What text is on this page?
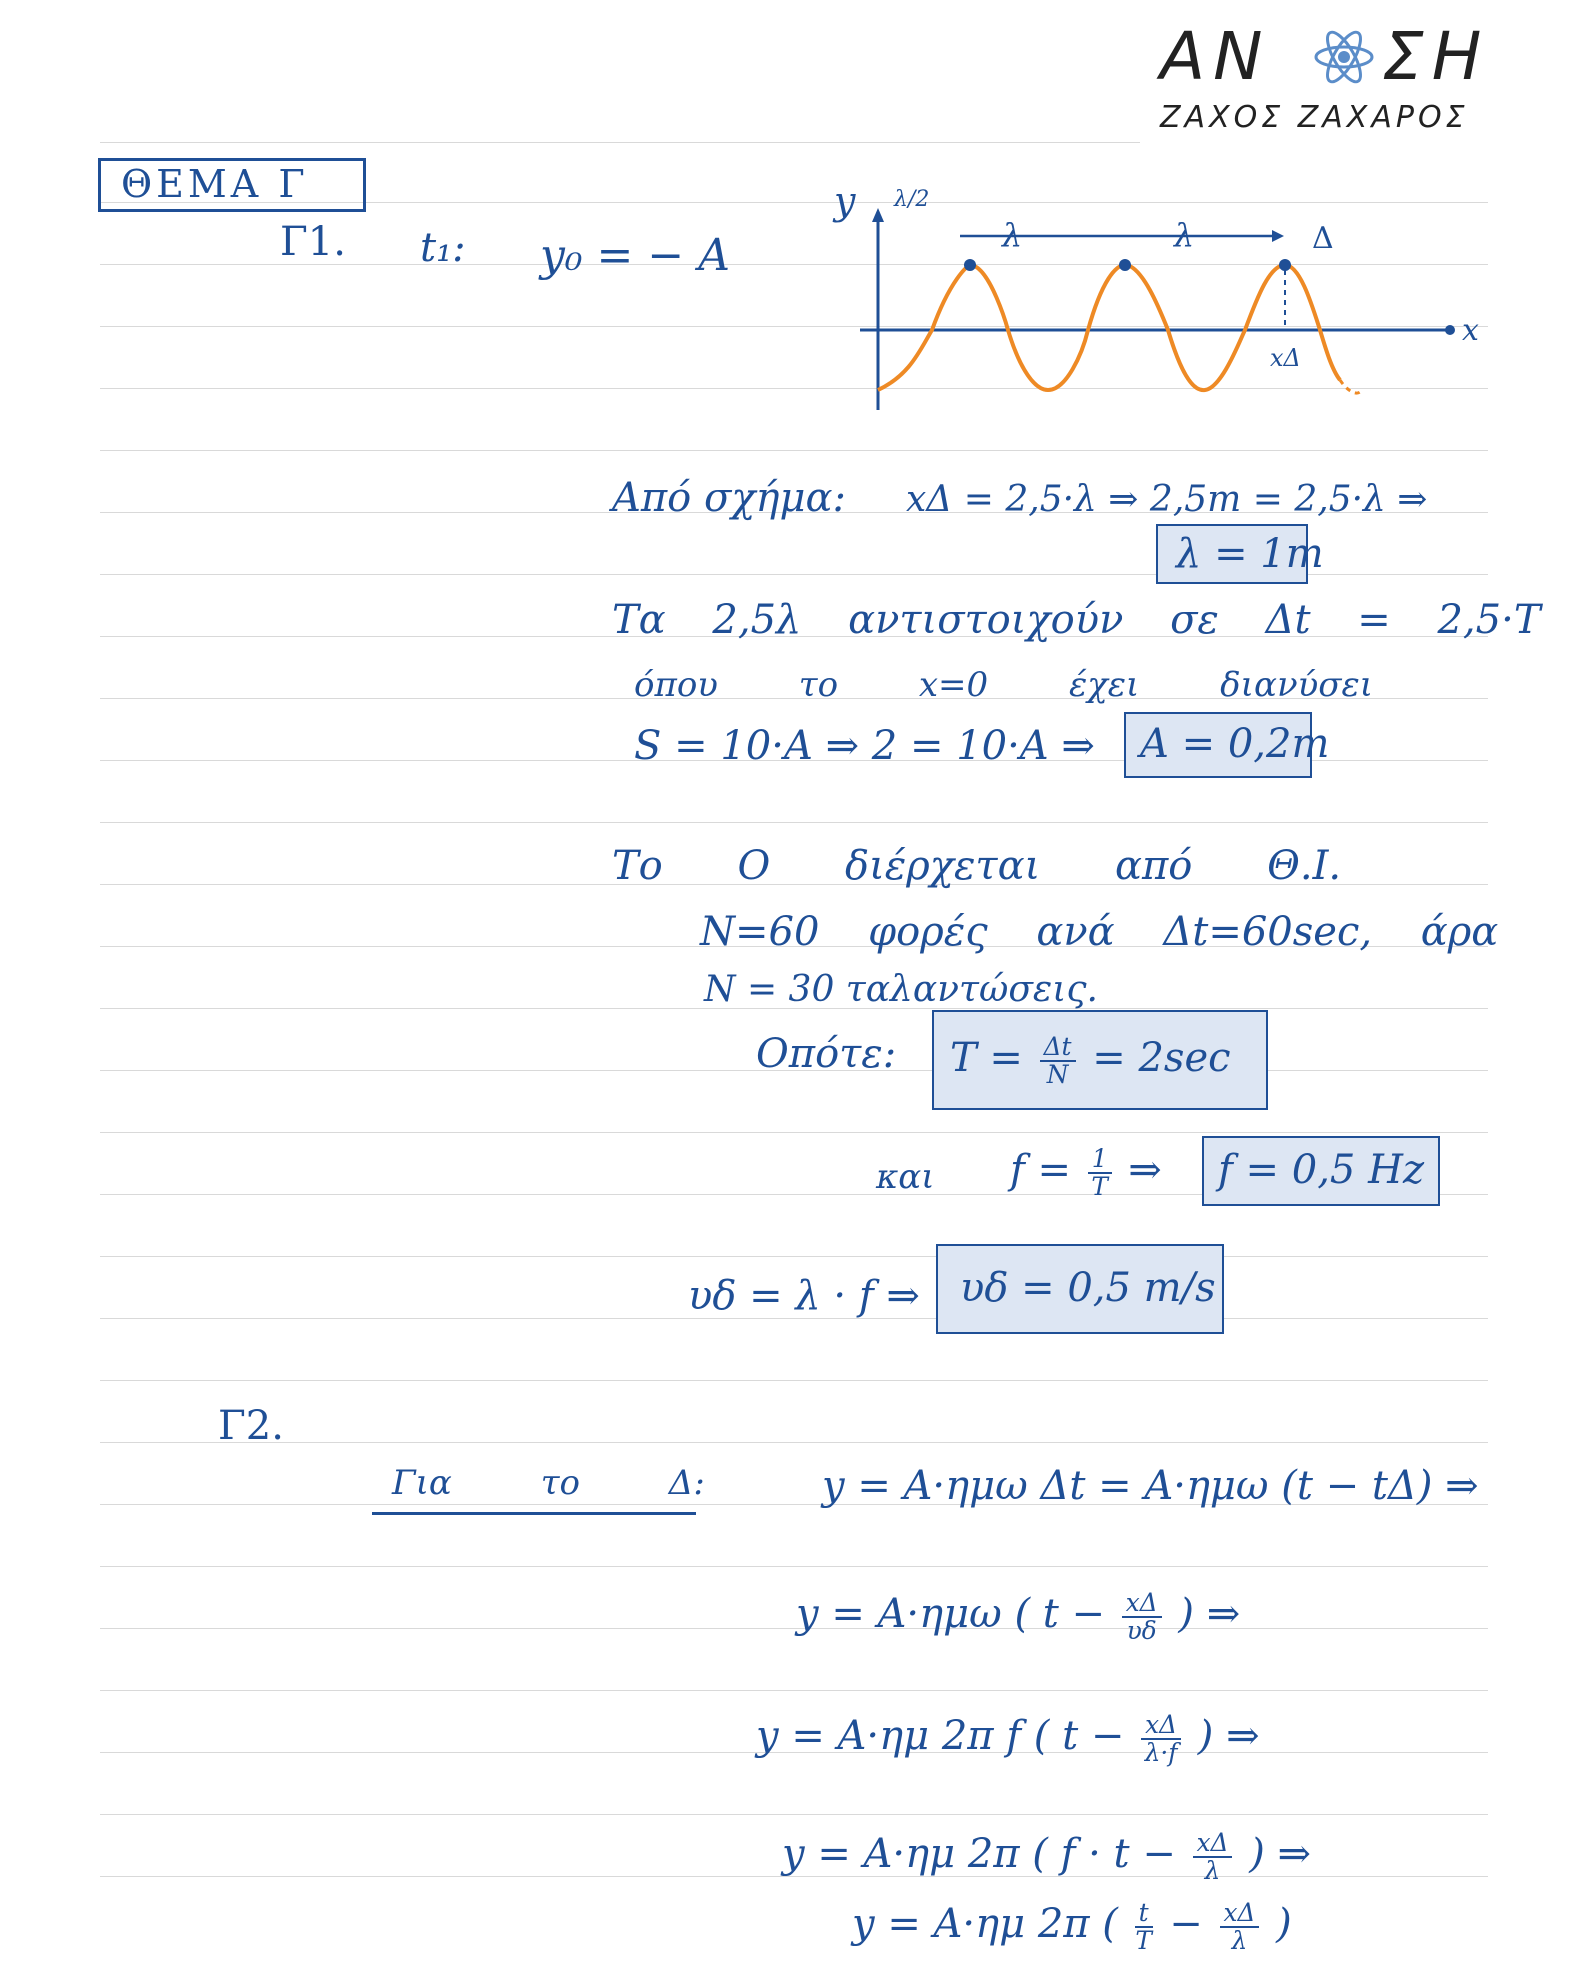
ΑΝ ΣΗ
ΖΑΧΟΣ ΖΑΧΑΡΟΣ
ΘΕΜΑ Γ
Γ1. t₁: y₀ = − A
y
x
λ/2
λ	λ	Δ
xΔ
Από σχήμα: xΔ = 2,5·λ ⇒ 2,5m = 2,5·λ ⇒
λ = 1m
Τα 2,5λ αντιστοιχούν σε Δt = 2,5·T
όπου το x=0 έχει διανύσει
S = 10·A ⇒ 2 = 10·A ⇒ A = 0,2m
Το O διέρχεται από Θ.Ι.
N=60 φορές ανά Δt=60sec, άρα
N = 30 ταλαντώσεις.
Οπότε: $T = \frac{\Delta t}{N} = 2\sec$
και $f = \frac{1}{T}$ ⇒ f = 0,5 Hz
υδ = λ · f ⇒ υδ = 0,5 m/s
Γ2.
Για το Δ:	y = A·ημω Δt = A·ημω (t − tΔ) ⇒
y = A·ημω ( $t - \frac{x\Delta}{\upsilon\delta}$ ) ⇒
y = A·ημ 2π f ( $t - \frac{x\Delta}{\lambda\cdot f}$ ) ⇒
y = A·ημ 2π ( $f \cdot t - \frac{x\Delta}{\lambda}$ ) ⇒
y = A·ημ 2π ( $\frac{t}{T} - \frac{x\Delta}{\lambda}$ )
